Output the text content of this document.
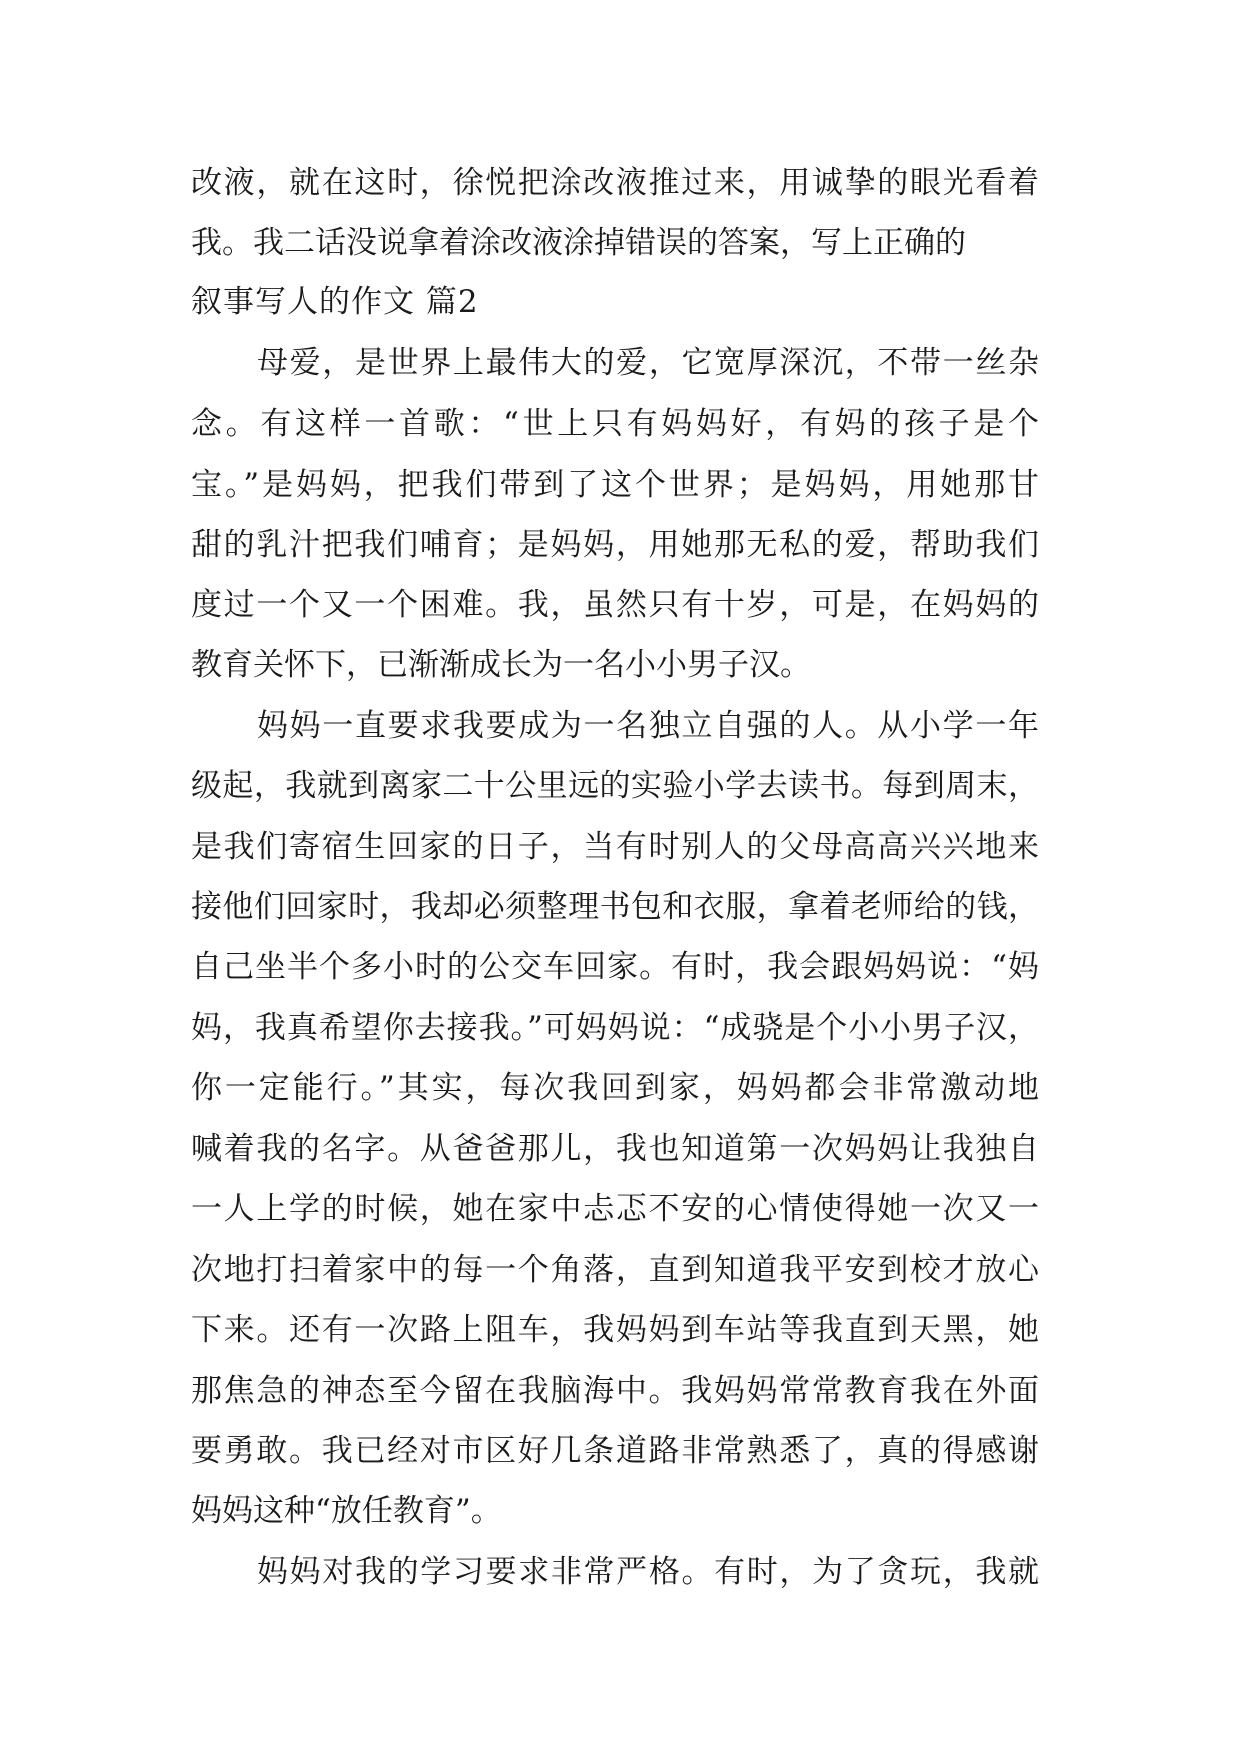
改液，就在这时，徐悦把涂改液推过来，用诚挚的眼光看着
我。我二话没说拿着涂改液涂掉错误的答案，写上正确的
叙事写人的作文 篇2
母爱，是世界上最伟大的爱，它宽厚深沉，不带一丝杂
念。有这样一首歌：“世上只有妈妈好，有妈的孩子是个
宝。”是妈妈，把我们带到了这个世界；是妈妈，用她那甘
甜的乳汁把我们哺育；是妈妈，用她那无私的爱，帮助我们
度过一个又一个困难。我，虽然只有十岁，可是，在妈妈的
教育关怀下，已渐渐成长为一名小小男子汉。
妈妈一直要求我要成为一名独立自强的人。从小学一年
级起，我就到离家二十公里远的实验小学去读书。每到周末，
是我们寄宿生回家的日子，当有时别人的父母高高兴兴地来
接他们回家时，我却必须整理书包和衣服，拿着老师给的钱，
自己坐半个多小时的公交车回家。有时，我会跟妈妈说：“妈
妈，我真希望你去接我。”可妈妈说：“成骁是个小小男子汉，
你一定能行。”其实，每次我回到家，妈妈都会非常激动地
喊着我的名字。从爸爸那儿，我也知道第一次妈妈让我独自
一人上学的时候，她在家中忐忑不安的心情使得她一次又一
次地打扫着家中的每一个角落，直到知道我平安到校才放心
下来。还有一次路上阻车，我妈妈到车站等我直到天黑，她
那焦急的神态至今留在我脑海中。我妈妈常常教育我在外面
要勇敢。我已经对市区好几条道路非常熟悉了，真的得感谢
妈妈这种“放任教育”。
妈妈对我的学习要求非常严格。有时，为了贪玩，我就
